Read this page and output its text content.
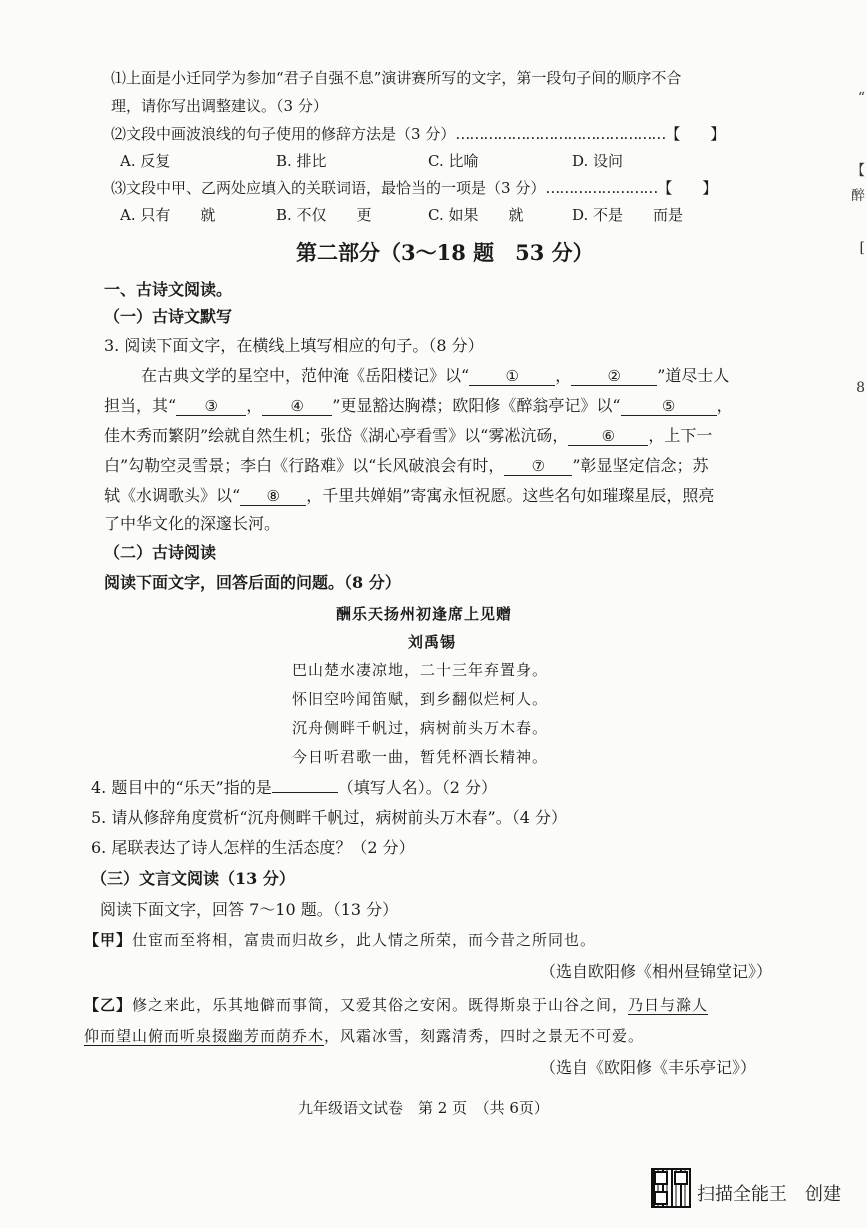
⑴上面是小迁同学为参加“君子自强不息”演讲赛所写的文字，第一段句子间的顺序不合
理，请你写出调整建议。（3 分）
⑵文段中画波浪线的句子使用的修辞方法是（3 分）………………………………………【　　】
A. 反复	B. 排比	C. 比喻	D. 设问
⑶文段中甲、乙两处应填入的关联词语，最恰当的一项是（3 分）……………………【　　】
A. 只有　　就	B. 不仅　　更	C. 如果　　就	D. 不是　　而是
第二部分（3～18 题　53 分）
一、古诗文阅读。
（一）古诗文默写
3. 阅读下面文字，在横线上填写相应的句子。（8 分）
在古典文学的星空中，范仲淹《岳阳楼记》以“ ① ， ② ”道尽士人
担当，其“ ③ ， ④ ”更显豁达胸襟；欧阳修《醉翁亭记》以“	⑤	，
佳木秀而繁阴”绘就自然生机；张岱《湖心亭看雪》以“雾凇沆砀， ⑥ ，上下一
白”勾勒空灵雪景；李白《行路难》以“长风破浪会有时， ⑦ ”彰显坚定信念；苏
轼《水调歌头》以“ ⑧ ，千里共婵娟”寄寓永恒祝愿。这些名句如璀璨星辰，照亮
了中华文化的深邃长河。
（二）古诗阅读
阅读下面文字，回答后面的问题。（8 分）
酬乐天扬州初逢席上见赠
刘禹锡
巴山楚水凄凉地，二十三年弃置身。
怀旧空吟闻笛赋，到乡翻似烂柯人。
沉舟侧畔千帆过，病树前头万木春。
今日听君歌一曲，暂凭杯酒长精神。
4. 题目中的“乐天”指的是	（填写人名）。（2 分）
5. 请从修辞角度赏析“沉舟侧畔千帆过，病树前头万木春”。（4 分）
6. 尾联表达了诗人怎样的生活态度？（2 分）
（三）文言文阅读（13 分）
阅读下面文字，回答 7～10 题。（13 分）
【甲】仕宦而至将相，富贵而归故乡，此人情之所荣，而今昔之所同也。
（选自欧阳修《相州昼锦堂记》）
【乙】修之来此，乐其地僻而事简，又爱其俗之安闲。既得斯泉于山谷之间，乃日与滁人
仰而望山俯而听泉掇幽芳而荫乔木，风霜冰雪，刻露清秀，四时之景无不可爱。
（选自《欧阳修《丰乐亭记》）
九年级语文试卷　第 2 页　（共 6页）
“
【
醉
[
8
扫描全能王　创建
